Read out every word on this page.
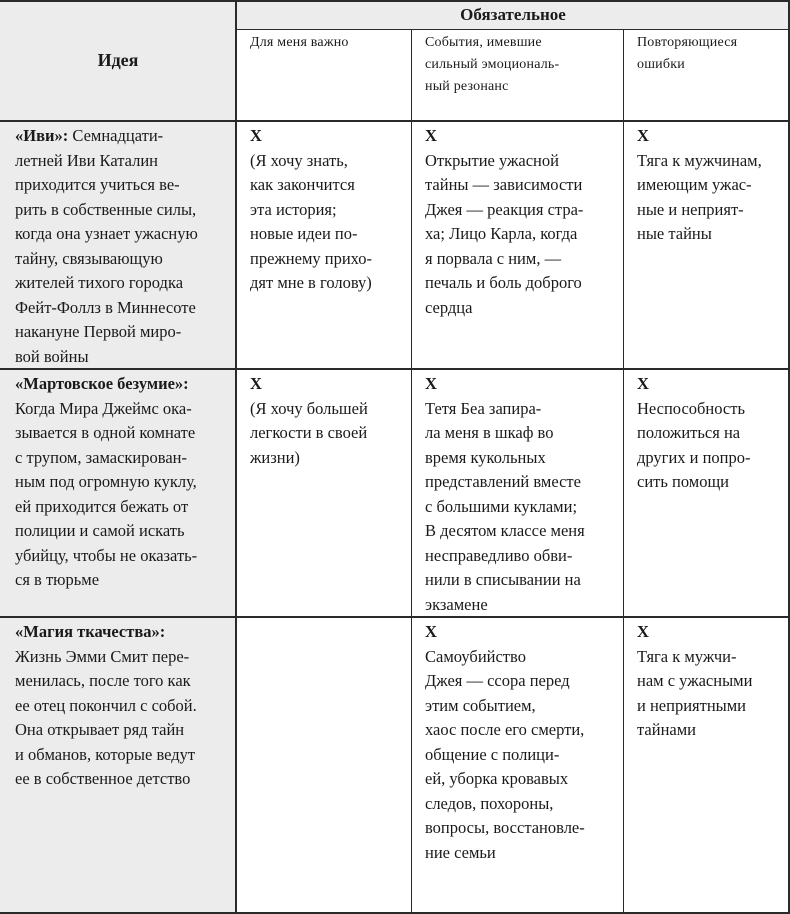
Идея
Обязательное
Для меня важно	События, имевшие
сильный эмоциональ-
ный резонанс
Повторяющиеся
ошибки
«Иви»: Семнадцати-
летней Иви Каталин
приходится учиться ве-
рить в собственные силы,
когда она узнает ужасную
тайну, связывающую
жителей тихого городка
Фейт-Фоллз в Миннесоте
накануне Первой миро-
вой войны
Х
(Я хочу знать,
как закончится
эта история;
новые идеи по-
прежнему прихо-
дят мне в голову)
Х
Открытие ужасной
тайны — зависимости
Джея — реакция стра-
ха; Лицо Карла, когда
я порвала с ним, —
печаль и боль доброго
сердца
Х
Тяга к мужчинам,
имеющим ужас-
ные и неприят-
ные тайны
«Мартовское безумие»:
Когда Мира Джеймс ока-
зывается в одной комнате
с трупом, замаскирован-
ным под огромную куклу,
ей приходится бежать от
полиции и самой искать
убийцу, чтобы не оказать-
ся в тюрьме
Х
(Я хочу большей
легкости в своей
жизни)
Х
Тетя Беа запира-
ла меня в шкаф во
время кукольных
представлений вместе
с большими куклами;
В десятом классе меня
несправедливо обви-
нили в списывании на
экзамене
Х
Неспособность
положиться на
других и попро-
сить помощи
«Магия ткачества»:
Жизнь Эмми Смит пере-
менилась, после того как
ее отец покончил с собой.
Она открывает ряд тайн
и обманов, которые ведут
ее в собственное детство
Х
Самоубийство
Джея — ссора перед
этим событием,
хаос после его смерти,
общение с полици-
ей, уборка кровавых
следов, похороны,
вопросы, восстановле-
ние семьи
Х
Тяга к мужчи-
нам с ужасными
и неприятными
тайнами
